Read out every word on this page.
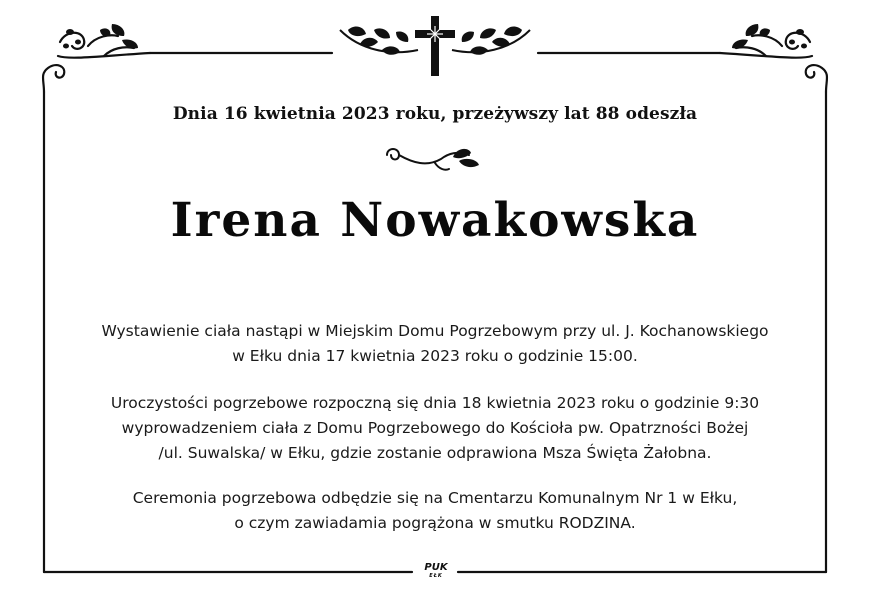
Dnia 16 kwietnia 2023 roku, przeżywszy lat 88 odeszła
Irena Nowakowska
Wystawienie ciała nastąpi w Miejskim Domu Pogrzebowym przy ul. J. Kochanowskiego
w Ełku dnia 17 kwietnia 2023 roku o godzinie 15:00.
Uroczystości pogrzebowe rozpoczną się dnia 18 kwietnia 2023 roku o godzinie 9:30
wyprowadzeniem ciała z Domu Pogrzebowego do Kościoła pw. Opatrzności Bożej
/ul. Suwalska/ w Ełku, gdzie zostanie odprawiona Msza Święta Żałobna.
Ceremonia pogrzebowa odbędzie się na Cmentarzu Komunalnym Nr 1 w Ełku,
o czym zawiadamia pogrążona w smutku RODZINA.
PUK
EŁK
